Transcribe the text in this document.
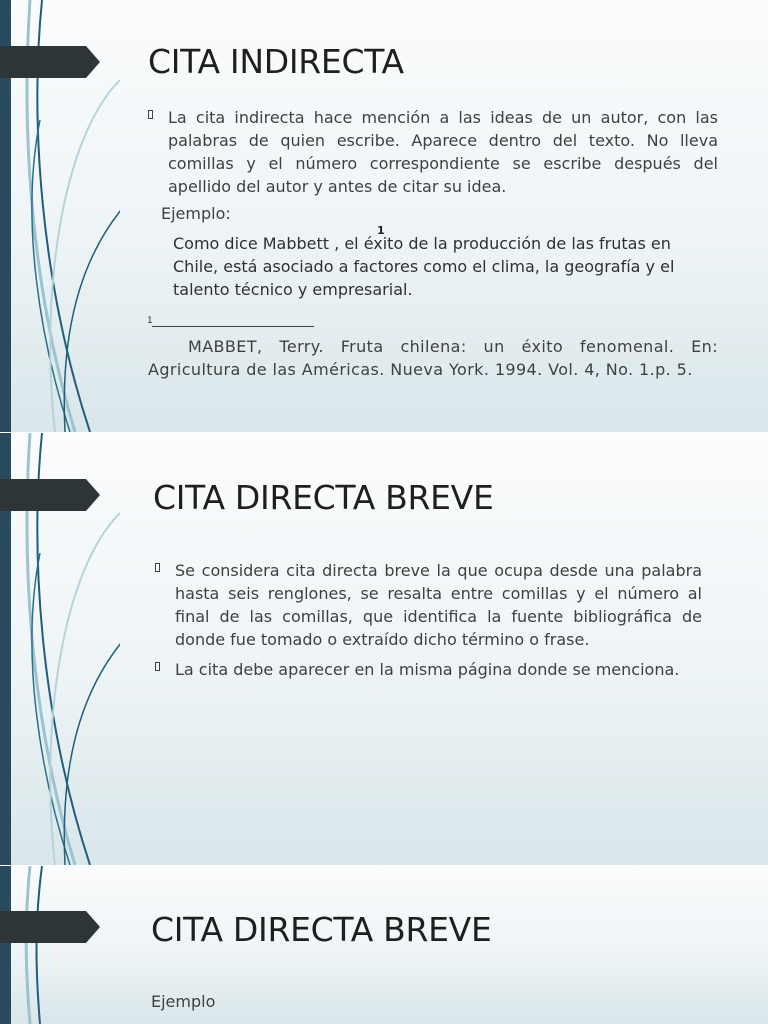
CITA INDIRECTA
La cita indirecta hace mención a las ideas de un autor, con las palabras de quien escribe. Aparece dentro del texto. No lleva comillas y el número correspondiente se escribe después del apellido del autor y antes de citar su idea.

Ejemplo:

1

Como dice Mabbett , el éxito de la producción de las frutas en Chile, está asociado a factores como el clima, la geografía y el talento técnico y empresarial.

1

MABBET, Terry. Fruta chilena: un éxito fenomenal. En: Agricultura de las Américas. Nueva York. 1994. Vol. 4, No. 1.p. 5.

CITA DIRECTA BREVE
Se considera cita directa breve la que ocupa desde una palabra hasta seis renglones, se resalta entre comillas y el número al final de las comillas, que identifica la fuente bibliográfica de donde fue tomado o extraído dicho término o frase.
La cita debe aparecer en la misma página donde se menciona.
CITA DIRECTA BREVE

Ejemplo
